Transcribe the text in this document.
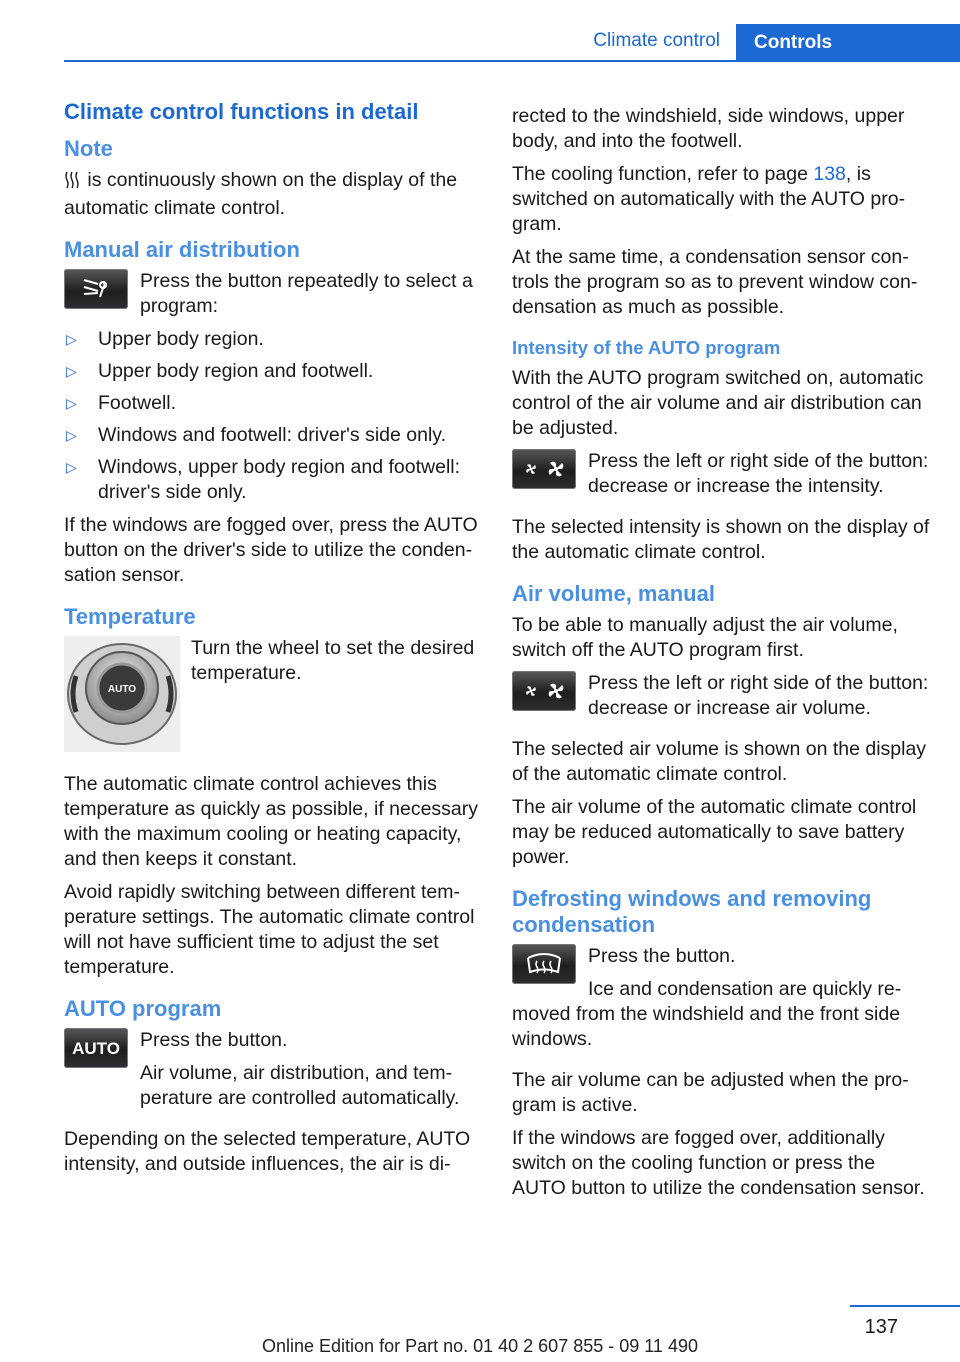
Climate control	Controls
Climate control functions in detail
Note

is continuously shown on the display of the automatic climate control.

Manual air distribution

Press the button repeatedly to select a program:

▷ Upper body region.
▷ Upper body region and footwell.
▷ Footwell.
▷ Windows and footwell: driver's side only.
▷ Windows, upper body region and footwell: driver's side only.

If the windows are fogged over, press the AUTO button on the driver's side to utilize the condensation sensor.

Temperature
AUTO

Turn the wheel to set the desired temperature.

The automatic climate control achieves this temperature as quickly as possible, if necessary with the maximum cooling or heating capacity, and then keeps it constant.

Avoid rapidly switching between different temperature settings. The automatic climate control will not have sufficient time to adjust the set temperature.

AUTO program
AUTO	Press the button.

Air volume, air distribution, and temperature are controlled automatically.

Depending on the selected temperature, AUTO intensity, and outside influences, the air is di-

rected to the windshield, side windows, upper body, and into the footwell.

The cooling function, refer to page 138, is switched on automatically with the AUTO program.

At the same time, a condensation sensor controls the program so as to prevent window condensation as much as possible.

Intensity of the AUTO program

With the AUTO program switched on, automatic control of the air volume and air distribution can be adjusted.

Press the left or right side of the button: decrease or increase the intensity.

The selected intensity is shown on the display of the automatic climate control.

Air volume, manual

To be able to manually adjust the air volume, switch off the AUTO program first.

Press the left or right side of the button: decrease or increase air volume.

The selected air volume is shown on the display of the automatic climate control.

The air volume of the automatic climate control may be reduced automatically to save battery power.

Defrosting windows and removing condensation

Press the button.

Ice and condensation are quickly removed from the windshield and the front side windows.

The air volume can be adjusted when the program is active.

If the windows are fogged over, additionally switch on the cooling function or press the AUTO button to utilize the condensation sensor.

137
Online Edition for Part no. 01 40 2 607 855 - 09 11 490
